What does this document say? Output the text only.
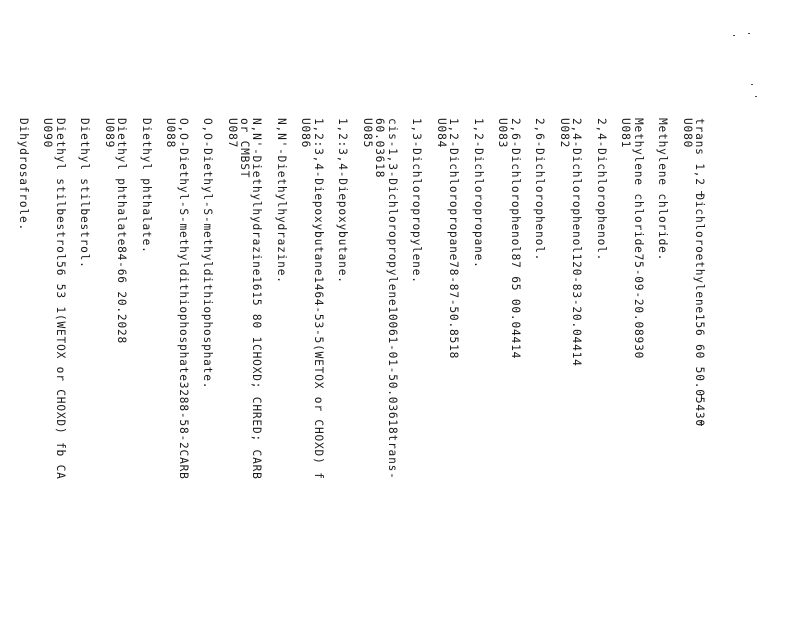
trans 1,2 Dichloroethylene156 60 50.05430
U080
Methylene chloride.
Methylene chloride75-09-20.08930
U081
2,4-Dichlorophenol.
2,4-Dichlorophenol120-83-20.04414
U082
2,6-Dichlorophenol.
2,6-Dichlorophenol87 65 00.04414
U083
1,2-Dichloropropane.
1,2-Dichloropropane78-87-50.8518
U084
1,3-Dichloropropylene.
cis-1,3-Dichloropropylene10061-01-50.03618trans-
60.03618
U085
1,2:3,4-Diepoxybutane.
1,2:3,4-Diepoxybutane1464-53-5(WETOX or CHOXD) f
U086
N,N'-Diethylhydrazine.
N,N'-Diethylhydrazine1615 80 1CHOXD; CHRED; CARB
or CMBST
U087
O,O-Diethyl-S-methyldithiophosphate.
O,O-Diethyl-S-methyldithiophosphate3288-58-2CARB
U088
Diethyl phthalate.
Diethyl phthalate84-66 20.2028
U089
Diethyl stilbestrol.
Diethyl stilbestrol56 53 1(WETOX or CHOXD) fb CA
U090
Dihydrosafrole.
